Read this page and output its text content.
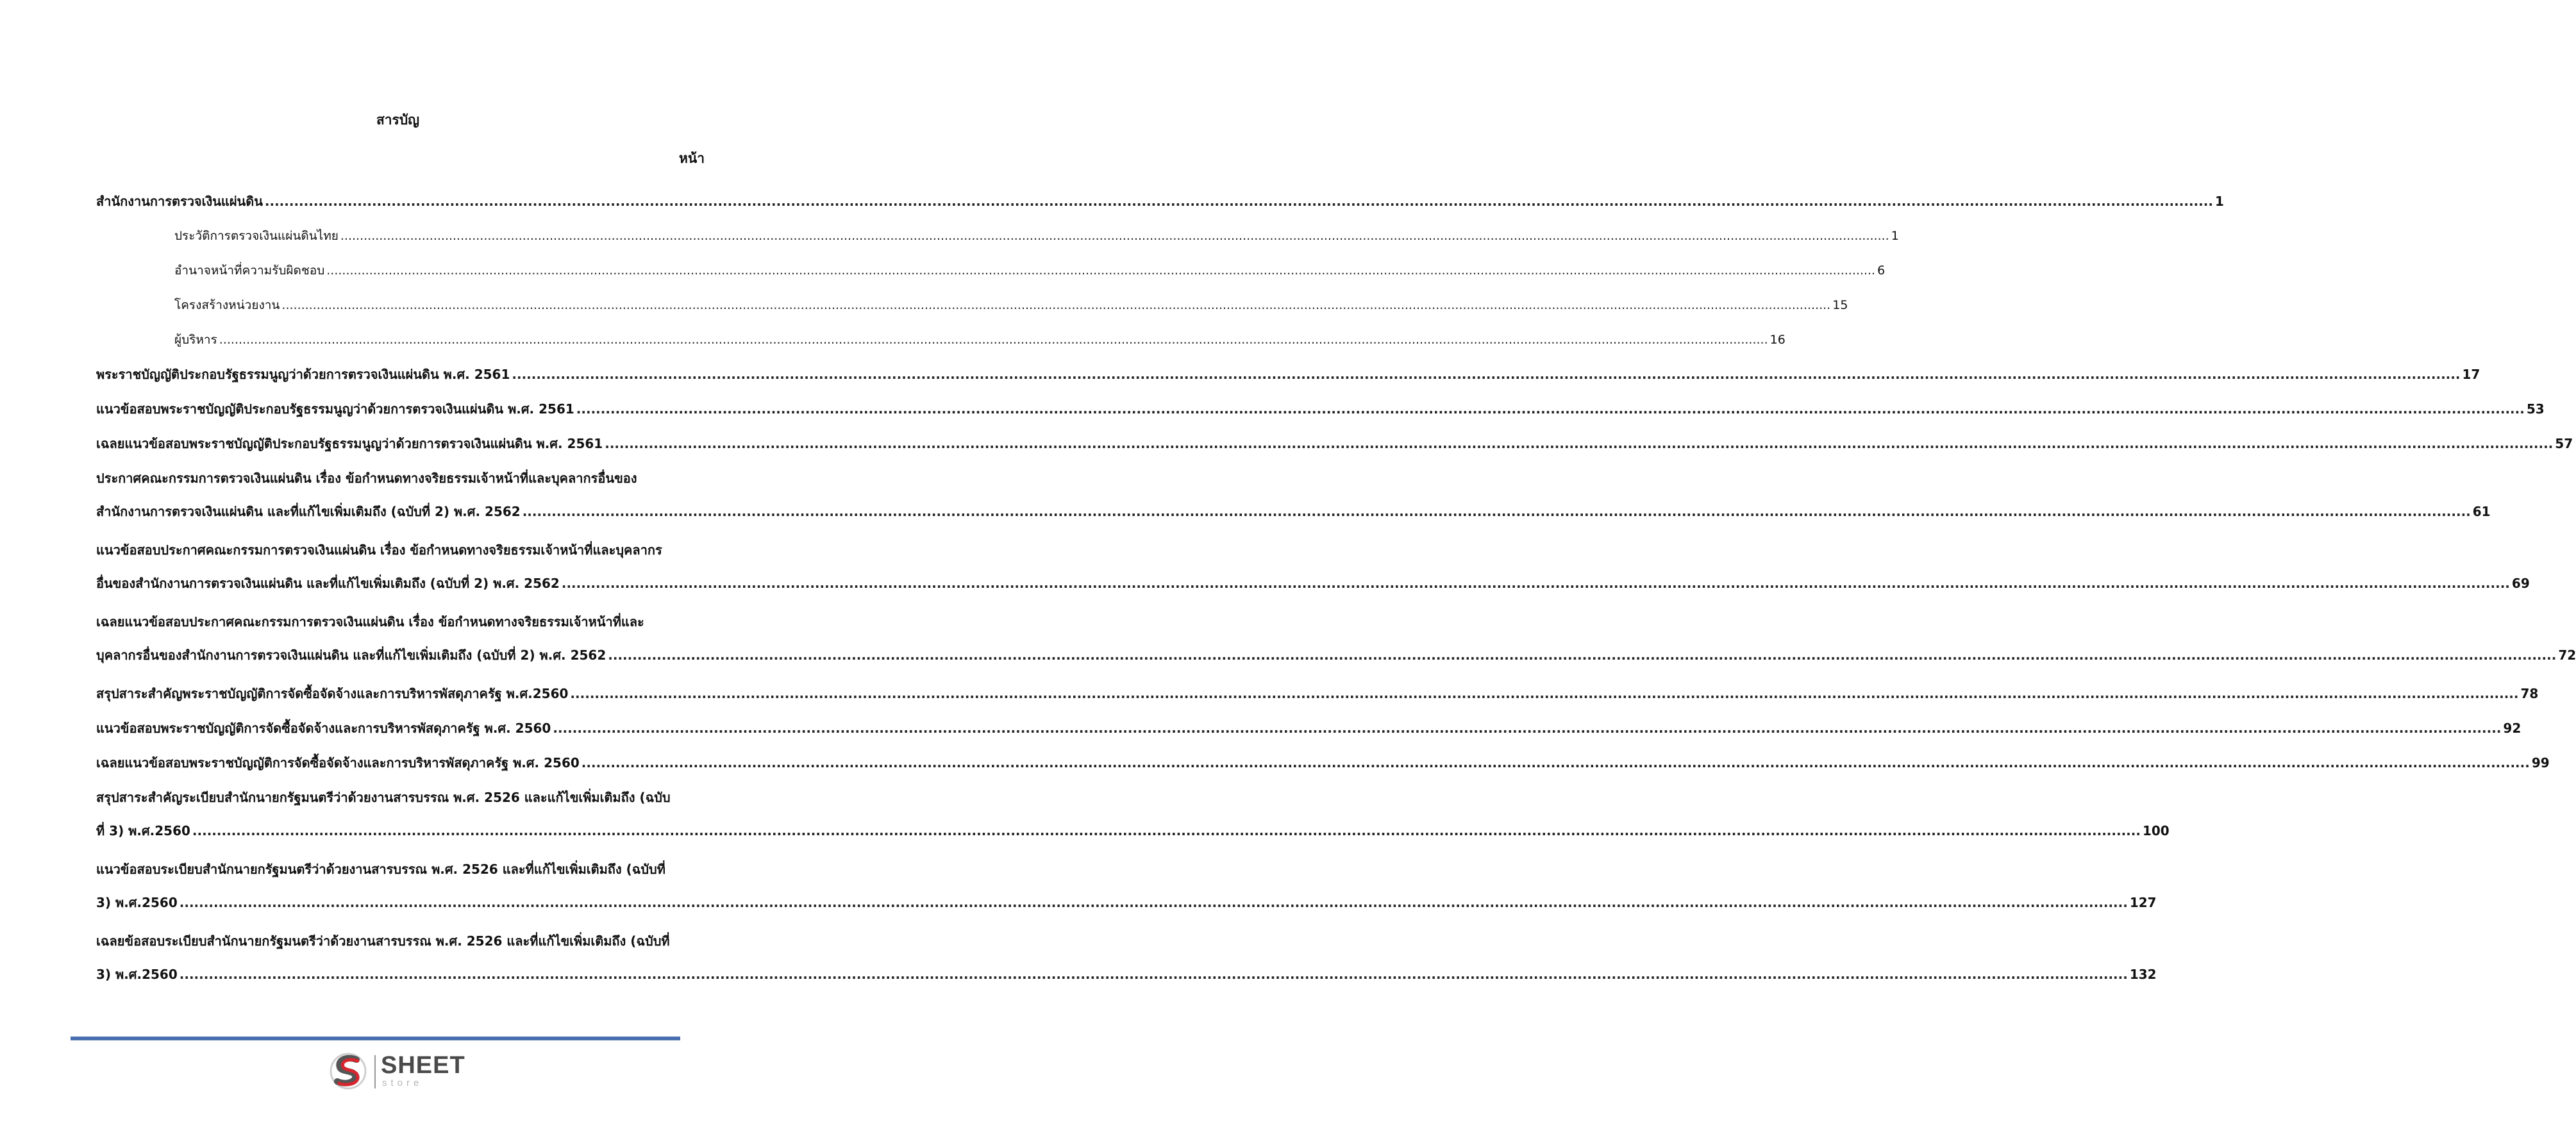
สารบัญ
หน้า
สำนักงานการตรวจเงินแผ่นดิน ................................................................................................................................................................................................................................................................................................................................................................................................................ 1
ประวัติการตรวจเงินแผ่นดินไทย ................................................................................................................................................................................................................................................................................................................................................................................................................ 1
อำนาจหน้าที่ความรับผิดชอบ ................................................................................................................................................................................................................................................................................................................................................................................................................ 6
โครงสร้างหน่วยงาน ................................................................................................................................................................................................................................................................................................................................................................................................................ 15
ผู้บริหาร ................................................................................................................................................................................................................................................................................................................................................................................................................ 16
พระราชบัญญัติประกอบรัฐธรรมนูญว่าด้วยการตรวจเงินแผ่นดิน พ.ศ. 2561 ................................................................................................................................................................................................................................................................................................................................................................................................................ 17
แนวข้อสอบพระราชบัญญัติประกอบรัฐธรรมนูญว่าด้วยการตรวจเงินแผ่นดิน พ.ศ. 2561 ................................................................................................................................................................................................................................................................................................................................................................................................................ 53
เฉลยแนวข้อสอบพระราชบัญญัติประกอบรัฐธรรมนูญว่าด้วยการตรวจเงินแผ่นดิน พ.ศ. 2561 ................................................................................................................................................................................................................................................................................................................................................................................................................ 57
ประกาศคณะกรรมการตรวจเงินแผ่นดิน เรื่อง ข้อกำหนดทางจริยธรรมเจ้าหน้าที่และบุคลากรอื่นของ
สำนักงานการตรวจเงินแผ่นดิน และที่แก้ไขเพิ่มเติมถึง (ฉบับที่ 2) พ.ศ. 2562 ................................................................................................................................................................................................................................................................................................................................................................................................................ 61
แนวข้อสอบประกาศคณะกรรมการตรวจเงินแผ่นดิน เรื่อง ข้อกำหนดทางจริยธรรมเจ้าหน้าที่และบุคลากร
อื่นของสำนักงานการตรวจเงินแผ่นดิน และที่แก้ไขเพิ่มเติมถึง (ฉบับที่ 2) พ.ศ. 2562 ................................................................................................................................................................................................................................................................................................................................................................................................................ 69
เฉลยแนวข้อสอบประกาศคณะกรรมการตรวจเงินแผ่นดิน เรื่อง ข้อกำหนดทางจริยธรรมเจ้าหน้าที่และ
บุคลากรอื่นของสำนักงานการตรวจเงินแผ่นดิน และที่แก้ไขเพิ่มเติมถึง (ฉบับที่ 2) พ.ศ. 2562 ................................................................................................................................................................................................................................................................................................................................................................................................................ 72
สรุปสาระสำคัญพระราชบัญญัติการจัดซื้อจัดจ้างและการบริหารพัสดุภาครัฐ พ.ศ.2560 ................................................................................................................................................................................................................................................................................................................................................................................................................ 78
แนวข้อสอบพระราชบัญญัติการจัดซื้อจัดจ้างและการบริหารพัสดุภาครัฐ พ.ศ. 2560 ................................................................................................................................................................................................................................................................................................................................................................................................................ 92
เฉลยแนวข้อสอบพระราชบัญญัติการจัดซื้อจัดจ้างและการบริหารพัสดุภาครัฐ พ.ศ. 2560 ................................................................................................................................................................................................................................................................................................................................................................................................................ 99
สรุปสาระสำคัญระเบียบสำนักนายกรัฐมนตรีว่าด้วยงานสารบรรณ พ.ศ. 2526 และแก้ไขเพิ่มเติมถึง (ฉบับ
ที่ 3) พ.ศ.2560 ................................................................................................................................................................................................................................................................................................................................................................................................................ 100
แนวข้อสอบระเบียบสำนักนายกรัฐมนตรีว่าด้วยงานสารบรรณ พ.ศ. 2526 และที่แก้ไขเพิ่มเติมถึง (ฉบับที่
3) พ.ศ.2560 ................................................................................................................................................................................................................................................................................................................................................................................................................ 127
เฉลยข้อสอบระเบียบสำนักนายกรัฐมนตรีว่าด้วยงานสารบรรณ พ.ศ. 2526 และที่แก้ไขเพิ่มเติมถึง (ฉบับที่
3) พ.ศ.2560 ................................................................................................................................................................................................................................................................................................................................................................................................................ 132
SHEET
store
